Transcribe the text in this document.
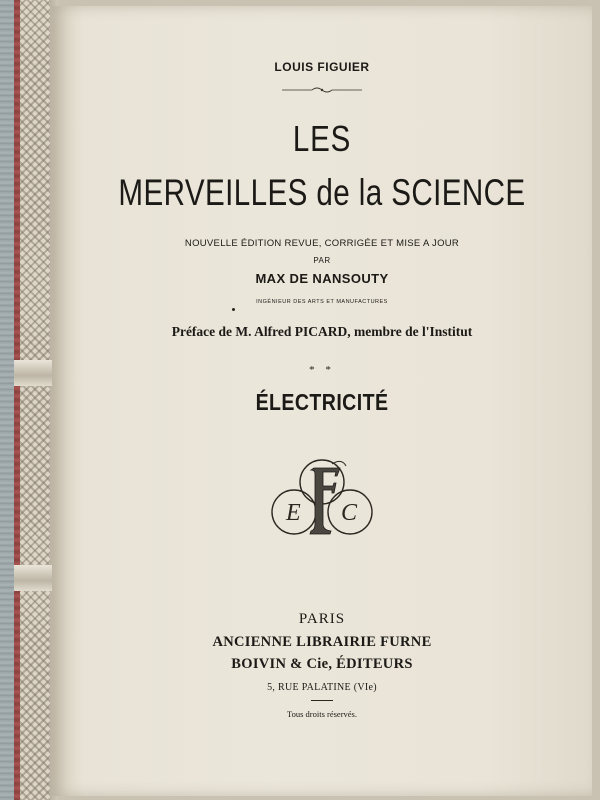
LOUIS FIGUIER
LES
MERVEILLES de la SCIENCE
NOUVELLE ÉDITION REVUE, CORRIGÉE ET MISE A JOUR
PAR
MAX DE NANSOUTY
INGÉNIEUR DES ARTS ET MANUFACTURES
Préface de M. Alfred PICARD, membre de l'Institut
* *
ÉLECTRICITÉ
E C
PARIS
ANCIENNE LIBRAIRIE FURNE
BOIVIN & Cie, ÉDITEURS
5, RUE PALATINE (VIe)
Tous droits réservés.
